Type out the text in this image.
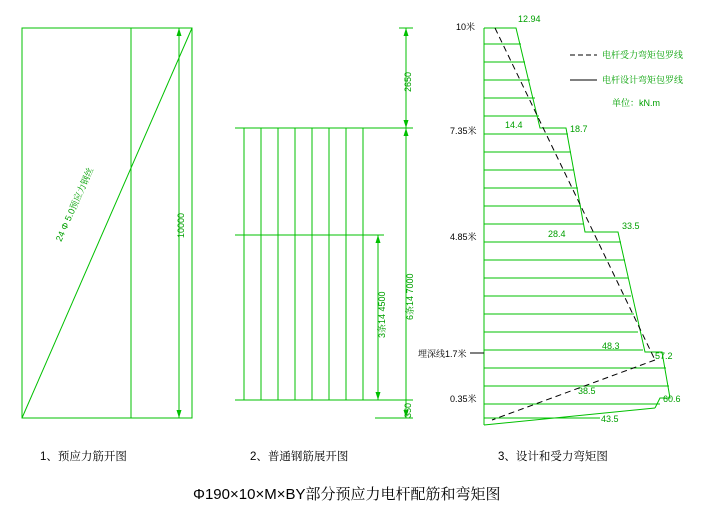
24 Φ 5.0预应力钢丝	10000
2650
3条14 4500 6条14 7000
350
电杆受力弯矩包罗线
电杆设计弯矩包罗线
单位：kN.m
10米
7.35米
4.85米
埋深线1.7米
0.35米
12.94
14.4	18.7
28.4
33.5
48.3
57.2
38.5
60.6
43.5
1、预应力筋开图	2、普通钢筋展开图	3、设计和受力弯矩图
Φ190×10×M×BY部分预应力电杆配筋和弯矩图
